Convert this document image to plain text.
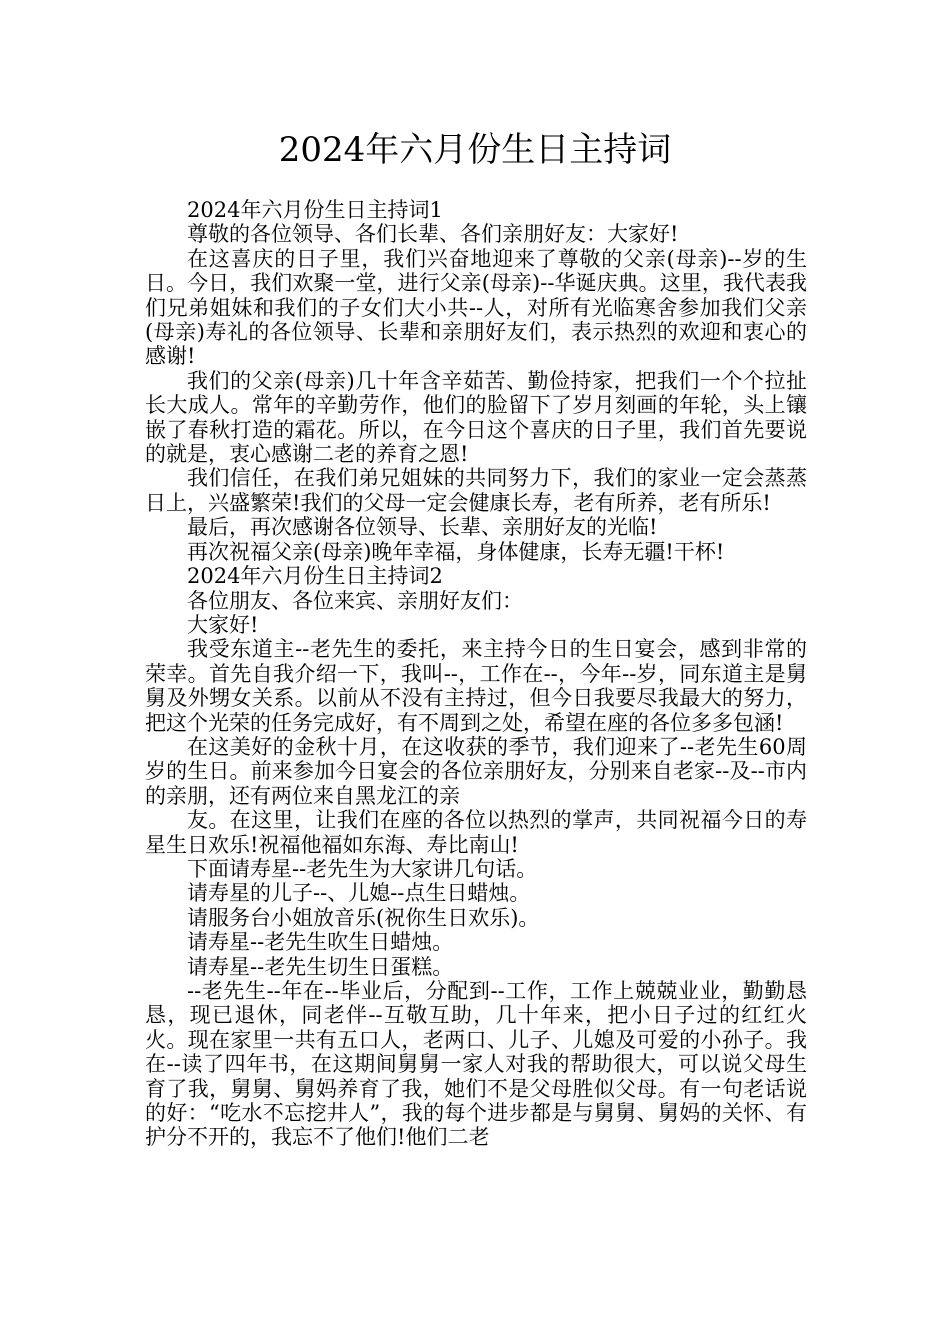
2024年六月份生日主持词

2024年六月份生日主持词1

尊敬的各位领导、各们长辈、各们亲朋好友：大家好!

在这喜庆的日子里，我们兴奋地迎来了尊敬的父亲(母亲)--岁的生日。今日，我们欢聚一堂，进行父亲(母亲)--华诞庆典。这里，我代表我们兄弟姐妹和我们的子女们大小共--人，对所有光临寒舍参加我们父亲(母亲)寿礼的各位领导、长辈和亲朋好友们，表示热烈的欢迎和衷心的感谢!

我们的父亲(母亲)几十年含辛茹苦、勤俭持家，把我们一个个拉扯长大成人。常年的辛勤劳作，他们的脸留下了岁月刻画的年轮，头上镶嵌了春秋打造的霜花。所以，在今日这个喜庆的日子里，我们首先要说的就是，衷心感谢二老的养育之恩!

我们信任，在我们弟兄姐妹的共同努力下，我们的家业一定会蒸蒸日上，兴盛繁荣!我们的父母一定会健康长寿，老有所养，老有所乐!

最后，再次感谢各位领导、长辈、亲朋好友的光临!

再次祝福父亲(母亲)晚年幸福，身体健康，长寿无疆!干杯!

2024年六月份生日主持词2

各位朋友、各位来宾、亲朋好友们：

大家好!

我受东道主--老先生的委托，来主持今日的生日宴会，感到非常的荣幸。首先自我介绍一下，我叫--，工作在--，今年--岁，同东道主是舅舅及外甥女关系。以前从不没有主持过，但今日我要尽我最大的努力，把这个光荣的任务完成好，有不周到之处，希望在座的各位多多包涵!

在这美好的金秋十月，在这收获的季节，我们迎来了--老先生60周岁的生日。前来参加今日宴会的各位亲朋好友，分别来自老家--及--市内的亲朋，还有两位来自黑龙江的亲

友。在这里，让我们在座的各位以热烈的掌声，共同祝福今日的寿星生日欢乐!祝福他福如东海、寿比南山!

下面请寿星--老先生为大家讲几句话。

请寿星的儿子--、儿媳--点生日蜡烛。

请服务台小姐放音乐(祝你生日欢乐)。

请寿星--老先生吹生日蜡烛。

请寿星--老先生切生日蛋糕。

--老先生--年在--毕业后，分配到--工作，工作上兢兢业业，勤勤恳恳，现已退休，同老伴--互敬互助，几十年来，把小日子过的红红火火。现在家里一共有五口人，老两口、儿子、儿媳及可爱的小孙子。我在--读了四年书，在这期间舅舅一家人对我的帮助很大，可以说父母生育了我，舅舅、舅妈养育了我，她们不是父母胜似父母。有一句老话说的好：“吃水不忘挖井人”，我的每个进步都是与舅舅、舅妈的关怀、有护分不开的，我忘不了他们!他们二老
